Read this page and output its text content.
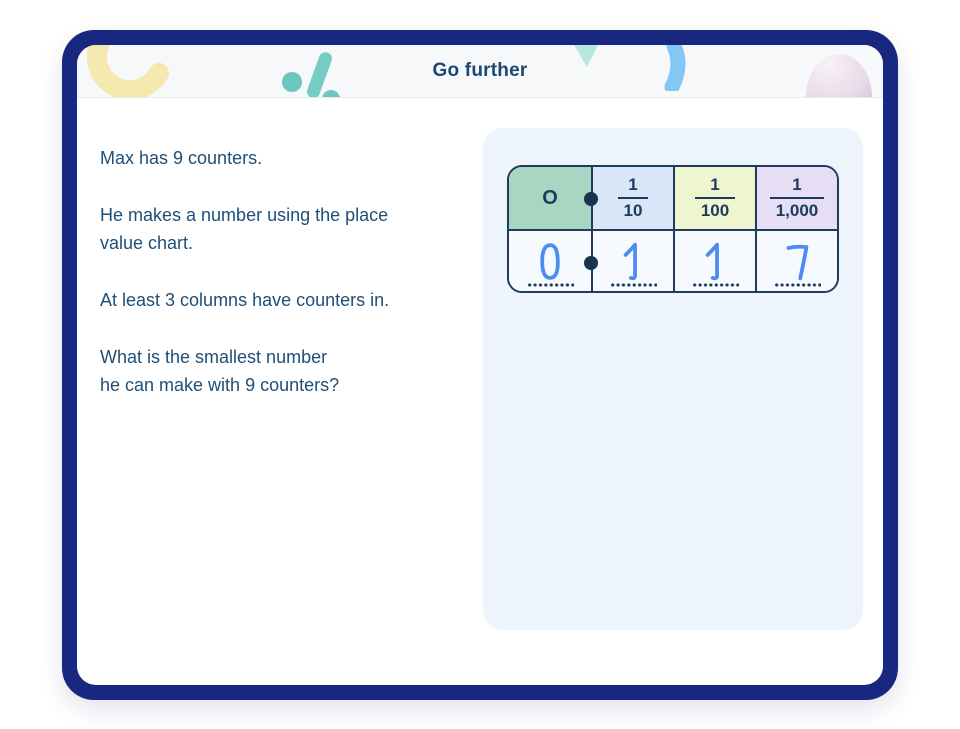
Go further

Max has 9 counters.

He makes a number using the place
value chart.

At least 3 columns have counters in.

What is the smallest number
he can make with 9 counters?

O	$\frac{1}{10}$	$\frac{1}{100} \frac{1}{1,000}$
